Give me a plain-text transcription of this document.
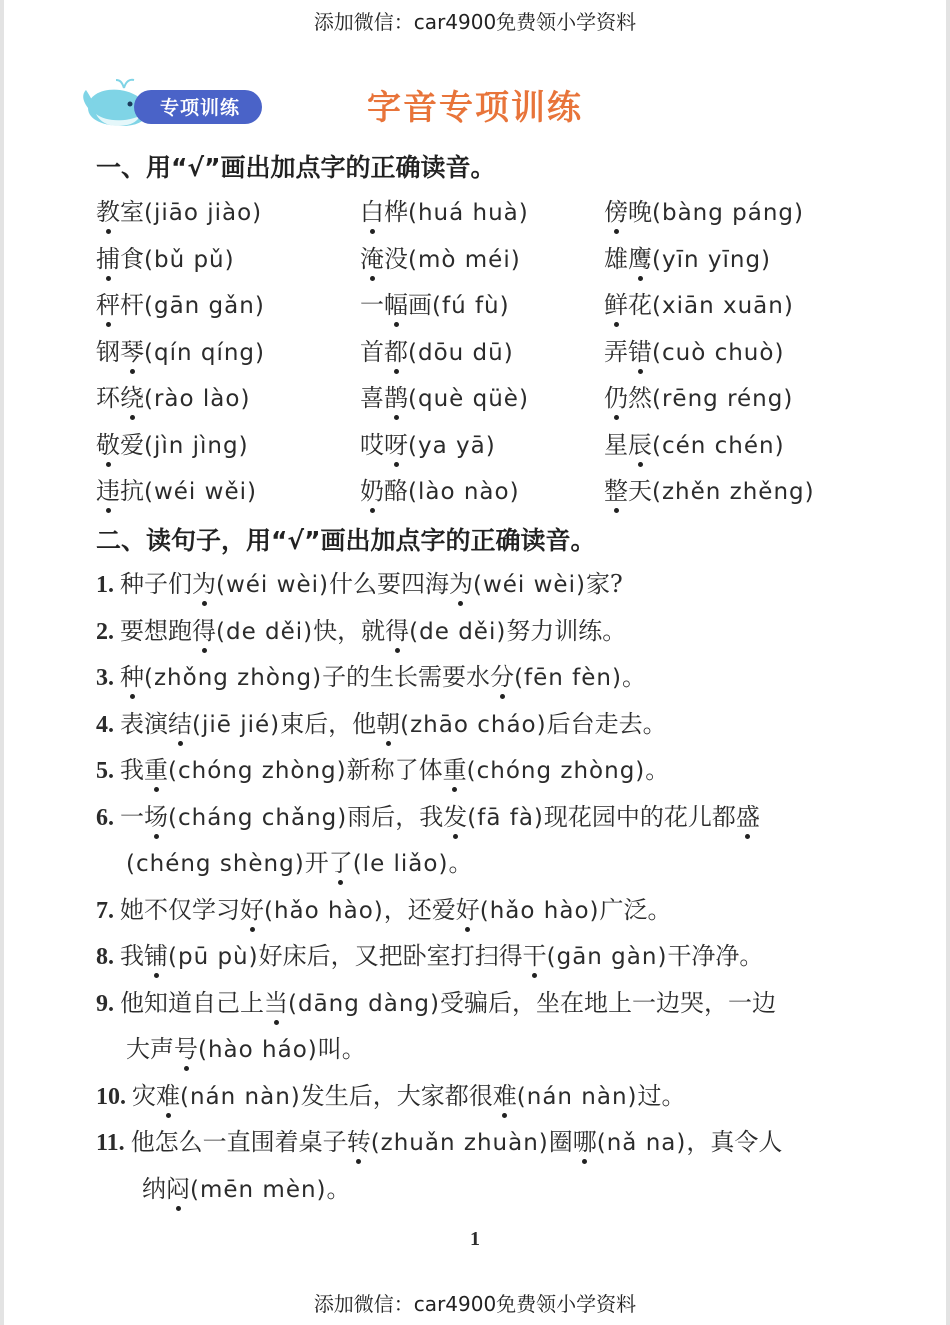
添加微信：car4900免费领小学资料
专项训练	字音专项训练
一、用“√”画出加点字的正确读音。
教室(jiāo jiào)	白桦(huá huà)	傍晚(bàng páng)
捕食(bǔ pǔ)	淹没(mò méi)	雄鹰(yīn yīng)
秤杆(gān gǎn)	一幅画(fú fù)	鲜花(xiān xuān)
钢琴(qín qíng)	首都(dōu dū)	弄错(cuò chuò)
环绕(rào lào)	喜鹊(què qüè)	仍然(rēng réng)
敬爱(jìn jìng)	哎呀(ya yā)	星辰(cén chén)
违抗(wéi wěi)	奶酪(lào nào)	整天(zhěn zhěng)
二、读句子，用“√”画出加点字的正确读音。
1. 种子们为(wéi wèi)什么要四海为(wéi wèi)家?
2. 要想跑得(de děi)快，就得(de děi)努力训练。
3. 种(zhǒng zhòng)子的生长需要水分(fēn fèn)。
4. 表演结(jiē jié)束后，他朝(zhāo cháo)后台走去。
5. 我重(chóng zhòng)新称了体重(chóng zhòng)。
6. 一场(cháng chǎng)雨后，我发(fā fà)现花园中的花儿都盛
(chéng shèng)开了(le liǎo)。
7. 她不仅学习好(hǎo hào)，还爱好(hǎo hào)广泛。
8. 我铺(pū pù)好床后，又把卧室打扫得干(gān gàn)干净净。
9. 他知道自己上当(dāng dàng)受骗后，坐在地上一边哭，一边
大声号(hào háo)叫。
10. 灾难(nán nàn)发生后，大家都很难(nán nàn)过。
11. 他怎么一直围着桌子转(zhuǎn zhuàn)圈哪(nǎ na)，真令人
纳闷(mēn mèn)。
1
添加微信：car4900免费领小学资料
